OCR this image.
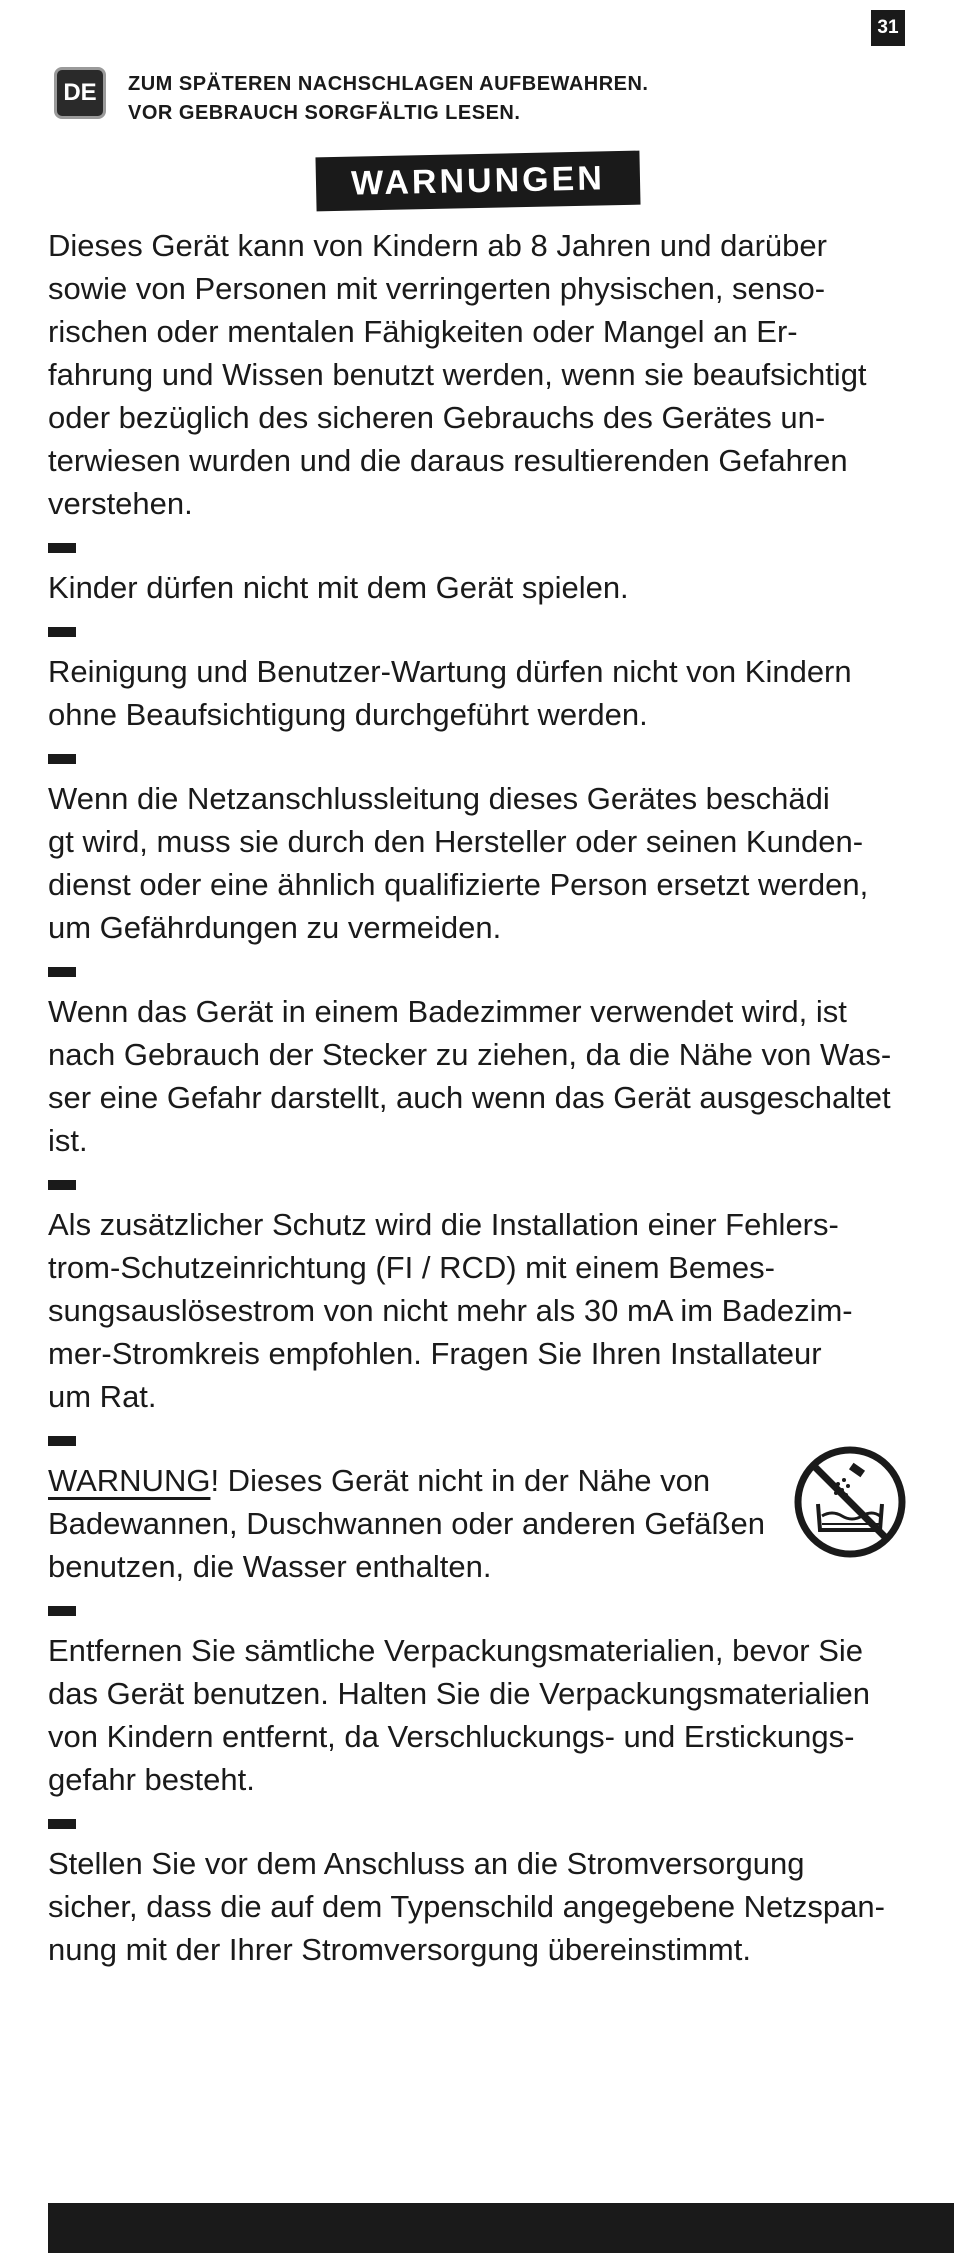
31
DE	ZUM SPÄTEREN NACHSCHLAGEN AUFBEWAHREN.
VOR GEBRAUCH SORGFÄLTIG LESEN.
WARNUNGEN
Dieses Gerät kann von Kindern ab 8 Jahren und darüber
sowie von Personen mit verringerten physischen, senso-
rischen oder mentalen Fähigkeiten oder Mangel an Er-
fahrung und Wissen benutzt werden, wenn sie beaufsichtigt
oder bezüglich des sicheren Gebrauchs des Gerätes un-
terwiesen wurden und die daraus resultierenden Gefahren
verstehen.
Kinder dürfen nicht mit dem Gerät spielen.
Reinigung und Benutzer-Wartung dürfen nicht von Kindern
ohne Beaufsichtigung durchgeführt werden.
Wenn die Netzanschlussleitung dieses Gerätes beschädi
gt wird, muss sie durch den Hersteller oder seinen Kunden-
dienst oder eine ähnlich qualifizierte Person ersetzt werden,
um Gefährdungen zu vermeiden.
Wenn das Gerät in einem Badezimmer verwendet wird, ist
nach Gebrauch der Stecker zu ziehen, da die Nähe von Was-
ser eine Gefahr darstellt, auch wenn das Gerät ausgeschaltet
ist.
Als zusätzlicher Schutz wird die Installation einer Fehlers-
trom-Schutzeinrichtung (FI / RCD) mit einem Bemes-
sungsauslösestrom von nicht mehr als 30 mA im Badezim-
mer-Stromkreis empfohlen. Fragen Sie Ihren Installateur
um Rat.
WARNUNG! Dieses Gerät nicht in der Nähe von
Badewannen, Duschwannen oder anderen Gefäßen
benutzen, die Wasser enthalten.
Entfernen Sie sämtliche Verpackungsmaterialien, bevor Sie
das Gerät benutzen. Halten Sie die Verpackungsmaterialien
von Kindern entfernt, da Verschluckungs- und Erstickungs-
gefahr besteht.
Stellen Sie vor dem Anschluss an die Stromversorgung
sicher, dass die auf dem Typenschild angegebene Netzspan-
nung mit der Ihrer Stromversorgung übereinstimmt.
